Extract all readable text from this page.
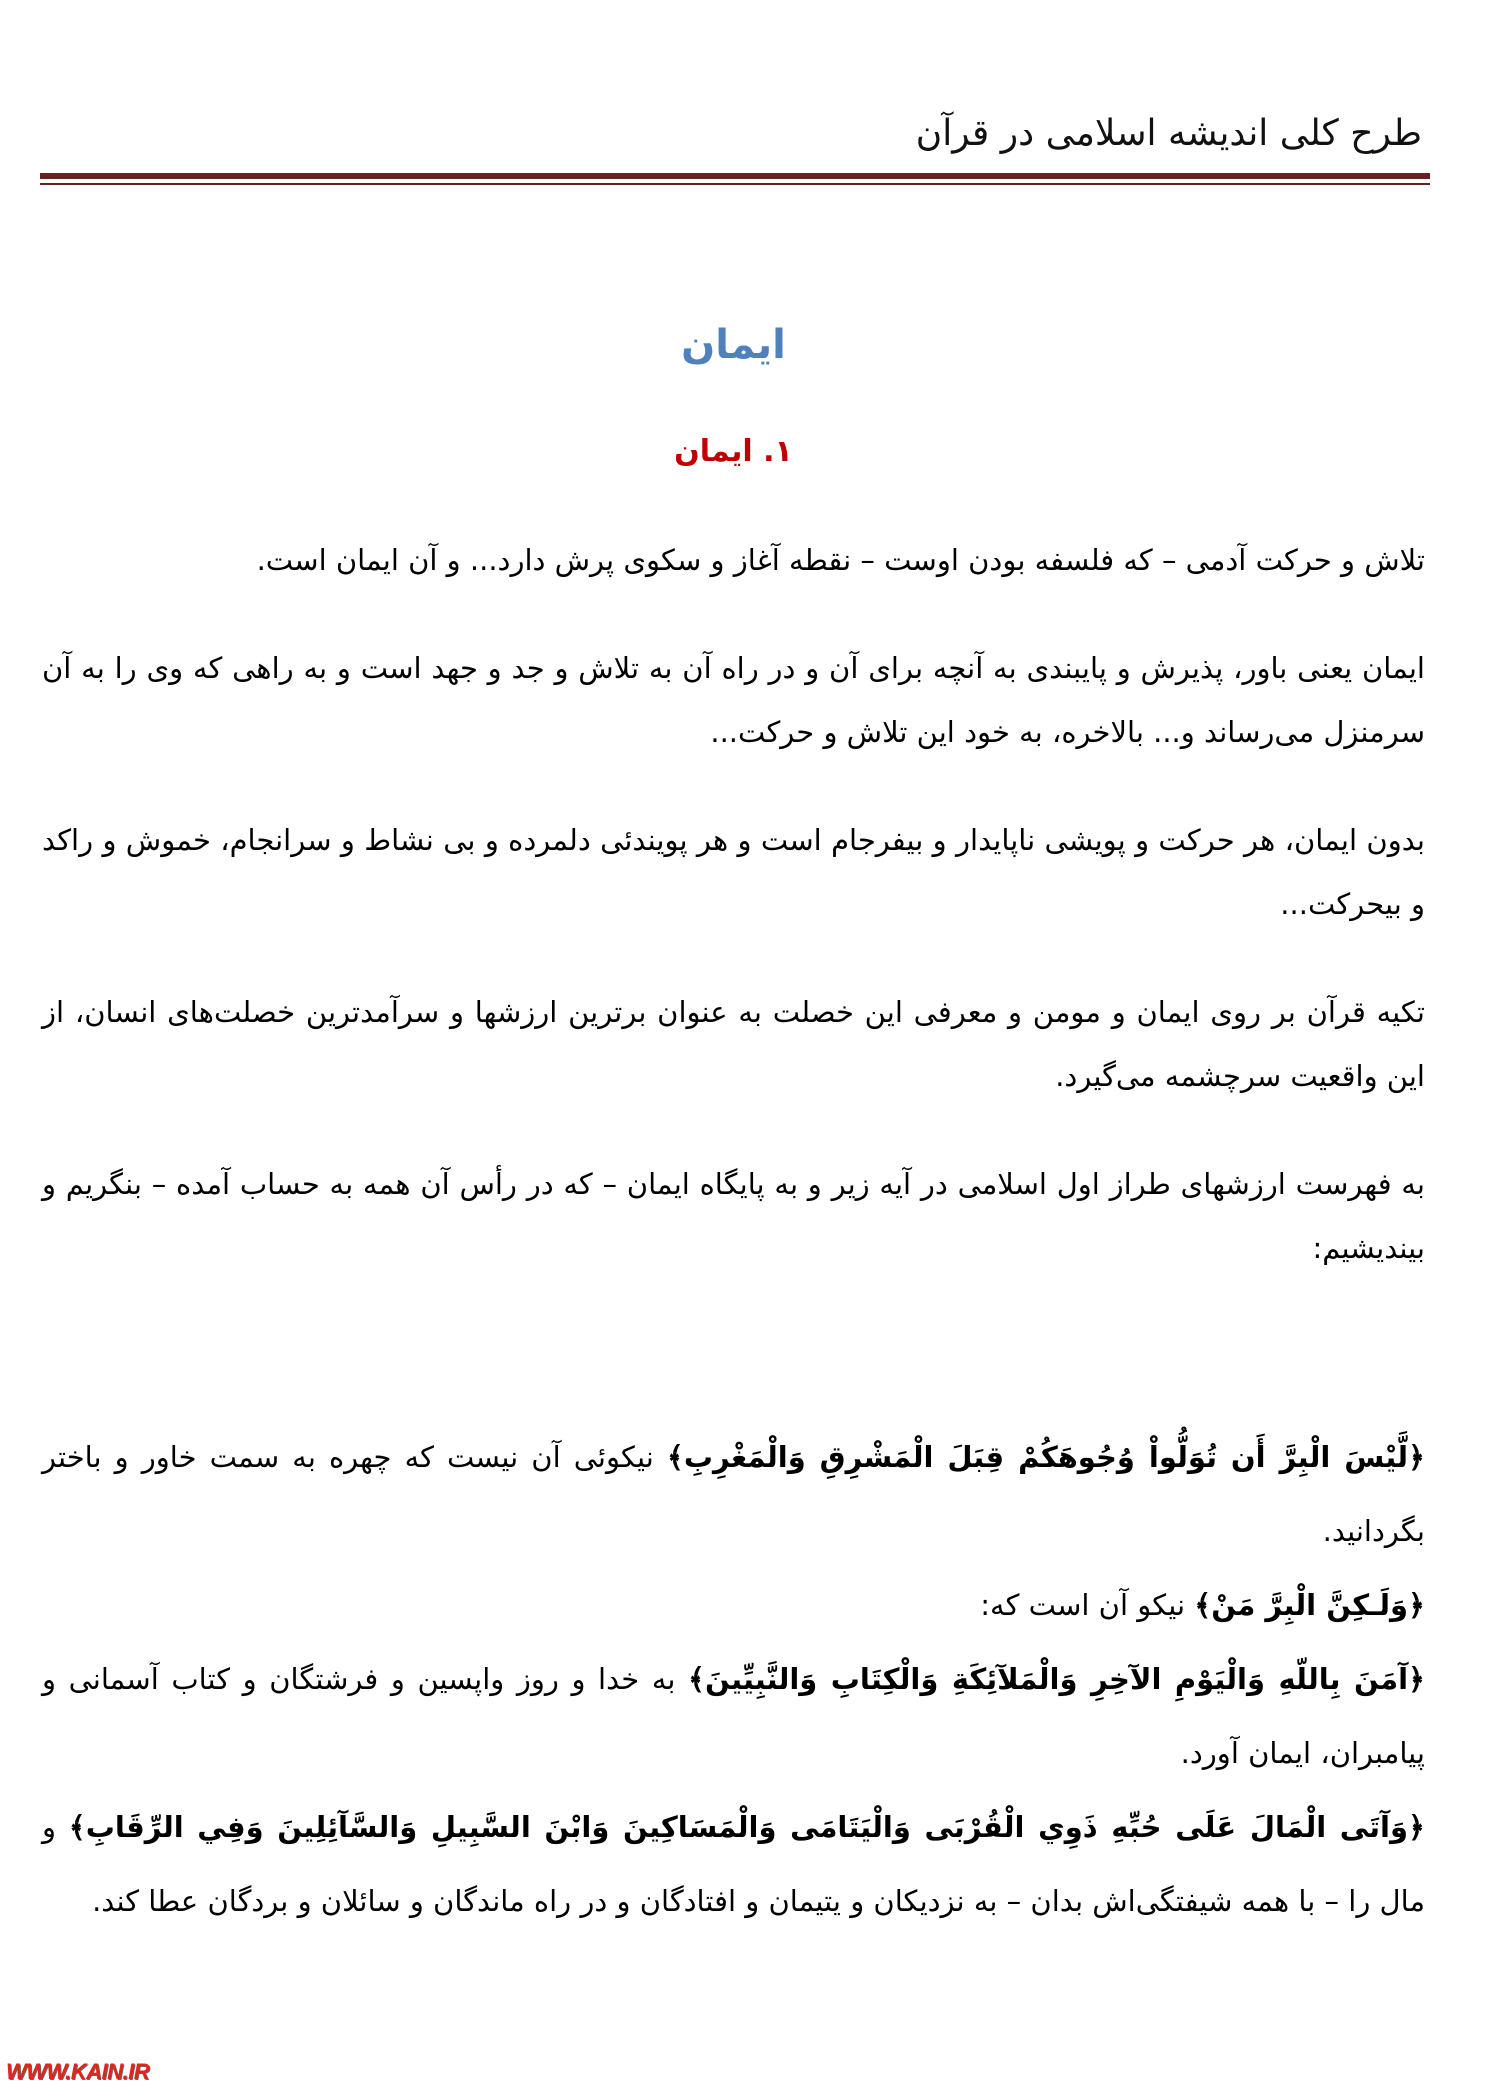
طرح کلی اندیشه اسلامی در قرآن
ایمان
۱. ایمان

تلاش و حرکت آدمی – که فلسفه بودن اوست – نقطه آغاز و سکوی پرش دارد... و آن ایمان است.

ایمان یعنی باور، پذیرش و پایبندی به آنچه برای آن و در راه آن به تلاش و جد و جهد است و به راهی که وی را به آن سرمنزل می‌رساند و... بالاخره، به خود این تلاش و حرکت...

بدون ایمان، هر حرکت و پویشی ناپایدار و بیفرجام است و هر پویندئی دلمرده و بی نشاط و سرانجام، خموش و راکد و بیحرکت...

تکیه قرآن بر روی ایمان و مومن و معرفی این خصلت به عنوان برترین ارزشها و سرآمدترین خصلت‌های انسان، از این واقعیت سرچشمه می‌گیرد.

به فهرست ارزشهای طراز اول اسلامی در آیه زیر و به پایگاه ایمان – که در رأس آن همه به حساب آمده – بنگریم و بیندیشیم:

﴿لَّيْسَ الْبِرَّ أَن تُوَلُّواْ وُجُوهَكُمْ قِبَلَ الْمَشْرِقِ وَالْمَغْرِبِ﴾ نیکوئی آن نیست که چهره به سمت خاور و باختر بگردانید.

﴿وَلَـكِنَّ الْبِرَّ مَنْ﴾ نیکو آن است که:

﴿آمَنَ بِاللّهِ وَالْيَوْمِ الآخِرِ وَالْمَلآئِكَةِ وَالْكِتَابِ وَالنَّبِيِّينَ﴾ به خدا و روز واپسین و فرشتگان و کتاب آسمانی و پیامبران، ایمان آورد.

﴿وَآتَى الْمَالَ عَلَى حُبِّهِ ذَوِي الْقُرْبَى وَالْيَتَامَى وَالْمَسَاكِينَ وَابْنَ السَّبِيلِ وَالسَّآئِلِينَ وَفِي الرِّقَابِ﴾ و مال را – با همه شیفتگی‌اش بدان – به نزدیکان و یتیمان و افتادگان و در راه ماندگان و سائلان و بردگان عطا کند.

WWW.KAIN.IR
